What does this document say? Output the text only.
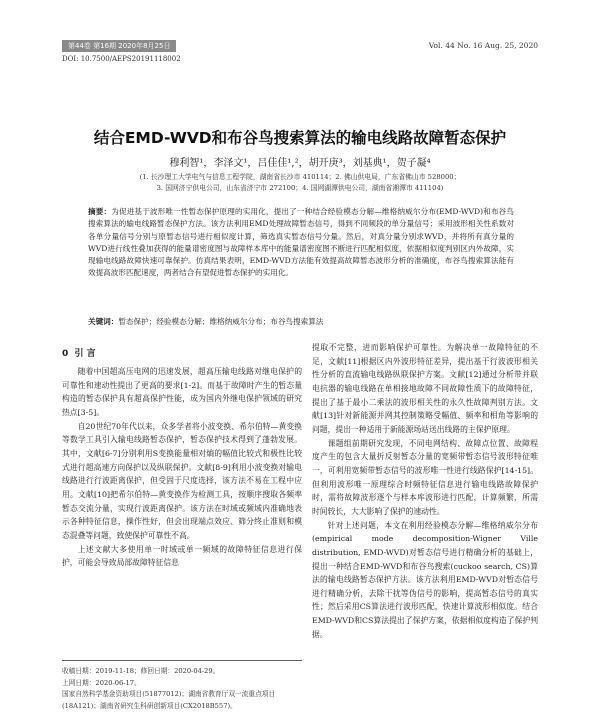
第44卷 第16期 2020年8月25日	Vol. 44 No. 16 Aug. 25, 2020
DOI: 10.7500/AEPS20191118002
结合EMD-WVD和布谷鸟搜索算法的输电线路故障暂态保护
穆利智¹，李泽文¹，吕佳佳¹,²，胡开庚³，刘基典¹，贺子凝⁴
(1. 长沙理工大学电气与信息工程学院，湖南省长沙市 410114；2. 佛山供电局，广东省佛山市 528000；
3. 国网济宁供电公司，山东省济宁市 272100；4. 国网湖潭供电公司，湖南省湘潭市 411104)
摘要：为促进基于波形唯一性暂态保护原理的实用化，提出了一种结合经验模态分解—维格纳威尔分布(EMD-WVD)和布谷鸟搜索算法的输电线路暂态保护方法。该方法利用EMD处理故障暂态信号，得到不同频段的单分量信号；采用波形相关性系数对各单分量信号分别与原暂态信号进行相似度计算，筛选真实暂态信号分量。然后，对真分量分别求WVD，并将所有真分量的WVD进行线性叠加获得的能量谱密度图与故障样本库中的能量谱密度图不断进行匹配相似度，依据相似度判别区内外故障，实现输电线路故障快速可靠保护。仿真结果表明，EMD-WVD方法能有效提高故障暂态波形分析的准确度，布谷鸟搜索算法能有效提高波形匹配速度，两者结合有望促进暂态保护的实用化。
关键词：暂态保护；经验模态分解；维格纳威尔分布；布谷鸟搜索算法
0 引 言

随着中国超高压电网的迅速发展，超高压输电线路对继电保护的可靠性和速动性提出了更高的要求[1-2]。而基于故障时产生的暂态量构造的暂态保护具有超高保护性能，成为国内外继电保护领域的研究热点[3-5]。

自20世纪70年代以来，众多学者将小波变换、希尔伯特—黄变换等数学工具引入输电线路暂态保护，暂态保护技术得到了蓬勃发展。其中，文献[6-7]分别利用S变换能量相对熵的幅值比较式和极性比较式进行超高速方向保护以及纵联保护。文献[8-9]利用小波变换对输电线路进行行波距离保护，但受固于尺度选择，该方法不易在工程中应用。文献[10]把希尔伯特—黄变换作为检测工具，按顺序搜取各频率暂态交流分量，实现行波距离保护。该方法在时域或频域内准确地表示各种特征信息，操作性好，但会出现端点效应、筛分终止准则和模态混叠等问题，致使保护可靠性不高。

上述文献大多使用单一时域或单一频域的故障特征信息进行保护，可能会导致局部故障特征信息

提取不完整，进而影响保护可靠性。为解决单一故障特征的不足，文献[11]根据区内外波形特征差异，提出基于行波波形相关性分析的直流输电线路纵联保护方案。文献[12]通过分析带并联电抗器的输电线路在单相接地故障不同故障性质下的故障特征，提出了基于最小二乘法的波形相关性的永久性故障判别方法。文献[13]针对新能源并网其控制策略受幅值、频率和相角等影响的问题，提出一种适用于新能源场站送出线路的主保护原理。

课题组前期研究发现，不同电网结构、故障点位置、故障程度产生的包含大量折反射暂态分量的宽频带暂态信号波形特征唯一，可利用宽频带暂态信号的波形唯一性进行线路保护[14-15]。但利用波形唯一原理综合时频特征信息进行输电线路故障保护时，需将故障波形逐个与样本库波形进行匹配，计算频繁，所需时间较长，大大影响了保护的速动性。

针对上述问题，本文在利用经验模态分解—维格纳威尔分布(empirical mode decomposition-Wigner Ville distribution, EMD-WVD)对暂态信号进行精确分析的基础上，提出一种结合EMD-WVD和布谷鸟搜索(cuckoo search, CS)算法的输电线路暂态保护方法。该方法利用EMD-WVD对暂态信号进行精确分析，去除干扰等伪信号的影响，提高暂态信号的真实性；然后采用CS算法进行波形匹配，快速计算波形相似度。结合EMD-WVD和CS算法提出了保护方案，依据相似度构造了保护判据。

收稿日期：2019-11-18；修回日期：2020-04-29。
上网日期：2020-06-17。
国家自然科学基金资助项目(51877012)；湖南省教育厅双一流重点项目(18A121)；湖南省研究生科研创新项目(CX2018B557)。
